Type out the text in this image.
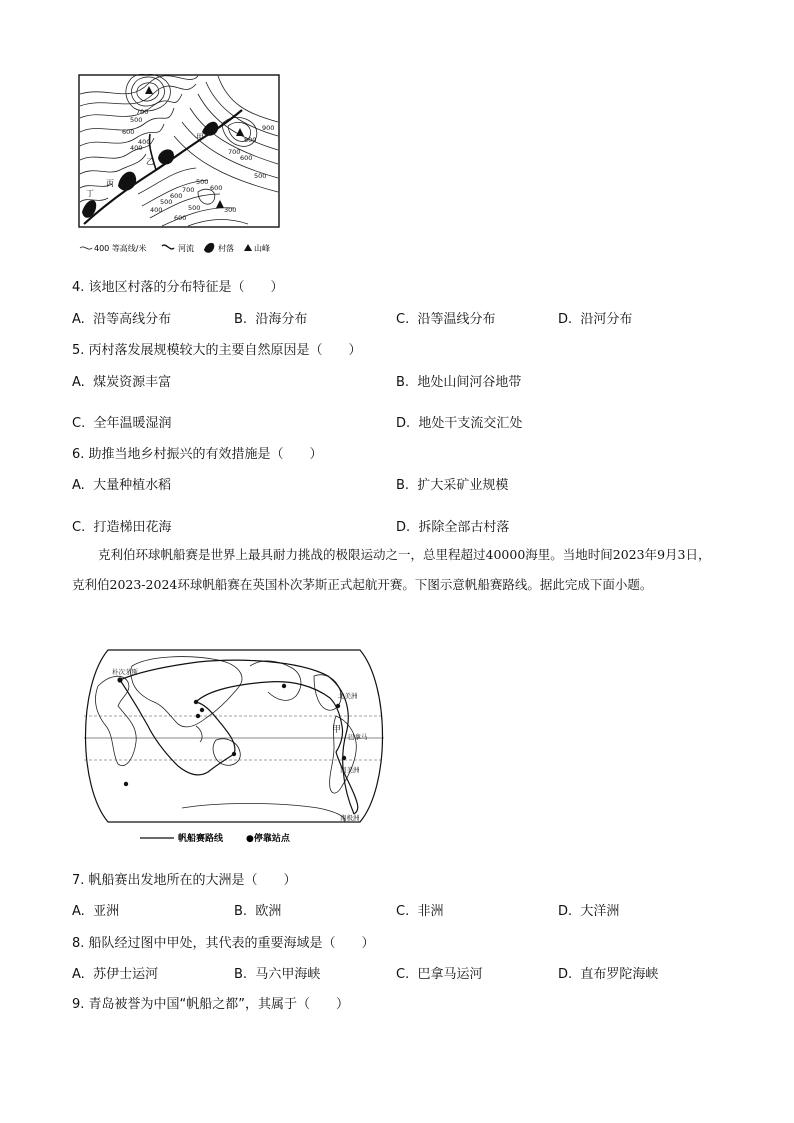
400
500
600
700
800
900
700
600
500
400
500
600
700
600
500	300
600
500
400	甲
乙
丙
丁
400 等高线/米	河流	村落	山峰
4. 该地区村落的分布特征是（　　）
A. 沿等高线分布	B. 沿海分布	C. 沿等温线分布	D. 沿河分布
5. 丙村落发展规模较大的主要自然原因是（　　）
A. 煤炭资源丰富	B. 地处山间河谷地带
C. 全年温暖湿润	D. 地处干支流交汇处
6. 助推当地乡村振兴的有效措施是（　　）
A. 大量种植水稻	B. 扩大采矿业规模
C. 打造梯田花海	D. 拆除全部古村落
克利伯环球帆船赛是世界上最具耐力挑战的极限运动之一，总里程超过40000海里。当地时间2023年9月3日，克利伯2023-2024环球帆船赛在英国朴次茅斯正式起航开赛。下图示意帆船赛路线。据此完成下面小题。
朴次茅斯
甲
巴拿马
北美洲
南美洲
南极洲
帆船赛路线	●停靠站点
7. 帆船赛出发地所在的大洲是（　　）
A. 亚洲	B. 欧洲	C. 非洲	D. 大洋洲
8. 船队经过图中甲处，其代表的重要海域是（　　）
A. 苏伊士运河	B. 马六甲海峡	C. 巴拿马运河	D. 直布罗陀海峡
9. 青岛被誉为中国“帆船之都”，其属于（　　）
